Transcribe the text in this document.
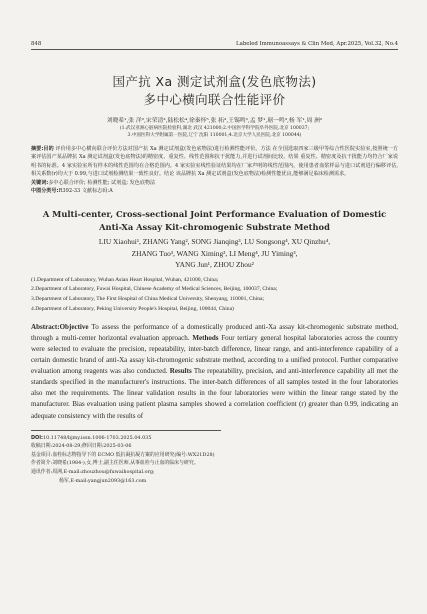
848	Labeled Immunoassays & Clin Med, Apr.2025, Vol.32, No.4
国产抗 Xa 测定试剂盒(发色底物法)
多中心横向联合性能评价
刘晓希¹,张 洋²,宋荣清³,陆松松⁴,徐秦怀⁵,张 拓³,王锡鸣³,孟 梦¹,琚一鸣³,杨 军¹,周 洲²
(1.武汉亚洲心脏病医院检验科,湖北 武汉 421000;2.中国医学科学院阜外医院,北京 100037;
3.中国医科大学附属第一医院,辽宁 沈阳 110001;4.北京大学人民医院,北京 100044)
摘要:目的 评价用多中心横向联合评价方法对国产抗 Xa 测定试剂盒(发色底物法)进行检测性能评价。方法 在全国选取四家三级甲等综合性医院实验室,按照统一方案评估国产某品牌抗 Xa 测定试剂盒(发色底物法)的精密度、重复性、线性范围和抗干扰能力,并进行试剂间比较。结果 重复性、精密度及抗干扰能力均符合厂家说明书的标准。4 家实验室所有样本的线性范围均在合格范围内。4 家实验室线性验证结果均在厂家声明的线性范围内。使用患者血浆样品与进口试剂进行偏移评估,相关系数(r)均大于 0.99,与进口试剂检测结果一致性良好。结论 该品牌抗 Xa 测定试剂盒(发色底物法)检测性能优良,能够满足临床检测需求。
关键词:多中心联合评价; 检测性能; 试剂盒; 发色底物法
中图分类号:R392-33 文献标志码:A
A Multi-center, Cross-sectional Joint Performance Evaluation of Domestic
Anti-Xa Assay Kit-chromogenic Substrate Method
LIU Xiaohui¹, ZHANG Yang², SONG Jianqing³, LU Songsong⁴, XU Qinzhu⁴,
ZHANG Tuo³, WANG Ximing³, LI Meng⁴, JU Yiming³,
YANG Jun¹, ZHOU Zhou²
(1.Department of Laboratory, Wuhan Asian Heart Hospital, Wuhan, 421000, China;
2.Department of Laboratory, Fuwai Hospital, Chinese Academy of Medical Sciences, Beijing, 100037, China;
3.Department of Laboratory, The First Hospital of China Medical University, Shenyang, 110001, China;
4.Department of Laboratory, Peking University People's Hospital, Beijing, 100044, China)
Abstract:Objective To assess the performance of a domestically produced anti-Xa assay kit-chromogenic substrate method, through a multi-center horizontal evaluation approach. Methods Four tertiary general hospital laboratories across the country were selected to evaluate the precision, repeatability, inter-batch difference, linear range, and anti-interference capability of a certain domestic brand of anti-Xa assay kit-chromogenic substrate method, according to a unified protocol. Further comparative evaluation among reagents was also conducted. Results The repeatability, precision, and anti-interference capability all met the standards specified in the manufacturer's instructions. The inter-batch differences of all samples tested in the four laboratories also met the requirements. The linear validation results in the four laboratories were within the linear range stated by the manufacturer. Bias evaluation using patient plasma samples showed a correlation coefficient (r) greater than 0.99, indicating an adequate consistency with the results of
DOI:10.11748/bjmy.issn.1006-1703.2025.04.035
收稿日期:2024-08-29;修回日期:2025-03-06
基金项目:血栓标志物指导下的 ECMO 低抗凝抗凝方案的应用研究(编号:WX21D28)
作者简介:刘晓希(1984-),女,博士,副主任医师,从事血栓与止血的临床与研究。
通讯作者:周洲,E-mail:zhouzhou@fuwaihospital.org;
杨军,E-mail:yangjun2093@163.com
